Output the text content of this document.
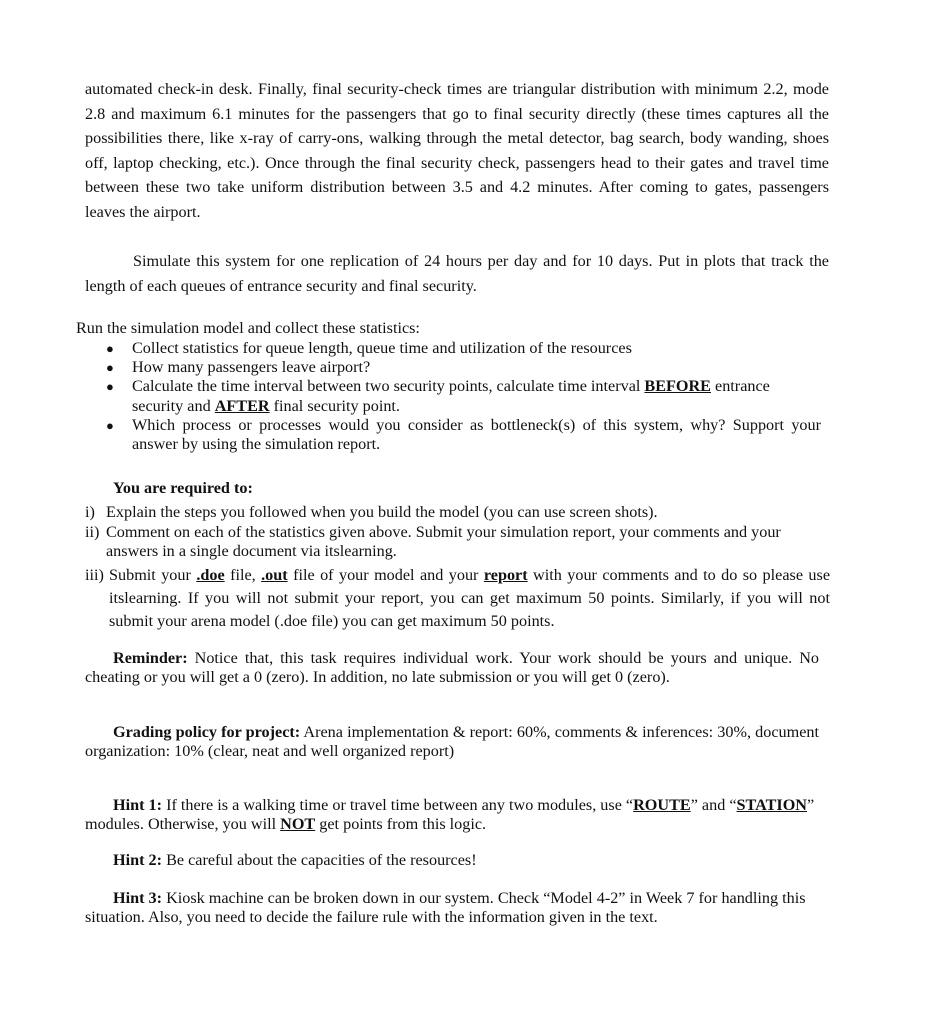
automated check-in desk. Finally, final security-check times are triangular distribution with minimum 2.2, mode 2.8 and maximum 6.1 minutes for the passengers that go to final security directly (these times captures all the possibilities there, like x-ray of carry-ons, walking through the metal detector, bag search, body wanding, shoes off, laptop checking, etc.). Once through the final security check, passengers head to their gates and travel time between these two take uniform distribution between 3.5 and 4.2 minutes. After coming to gates, passengers leaves the airport.

Simulate this system for one replication of 24 hours per day and for 10 days. Put in plots that track the length of each queues of entrance security and final security.

Run the simulation model and collect these statistics:

● Collect statistics for queue length, queue time and utilization of the resources
● How many passengers leave airport?
● Calculate the time interval between two security points, calculate time interval BEFORE entrance security and AFTER final security point.
● Which process or processes would you consider as bottleneck(s) of this system, why? Support your answer by using the simulation report.

You are required to:

i) Explain the steps you followed when you build the model (you can use screen shots).
ii) Comment on each of the statistics given above. Submit your simulation report, your comments and your answers in a single document via itslearning.
iii) Submit your .doe file, .out file of your model and your report with your comments and to do so please use itslearning. If you will not submit your report, you can get maximum 50 points. Similarly, if you will not submit your arena model (.doe file) you can get maximum 50 points.

Reminder: Notice that, this task requires individual work. Your work should be yours and unique. No cheating or you will get a 0 (zero). In addition, no late submission or you will get 0 (zero).

Grading policy for project: Arena implementation & report: 60%, comments & inferences: 30%, document organization: 10% (clear, neat and well organized report)

Hint 1: If there is a walking time or travel time between any two modules, use “ROUTE” and “STATION” modules. Otherwise, you will NOT get points from this logic.

Hint 2: Be careful about the capacities of the resources!

Hint 3: Kiosk machine can be broken down in our system. Check “Model 4-2” in Week 7 for handling this situation. Also, you need to decide the failure rule with the information given in the text.
